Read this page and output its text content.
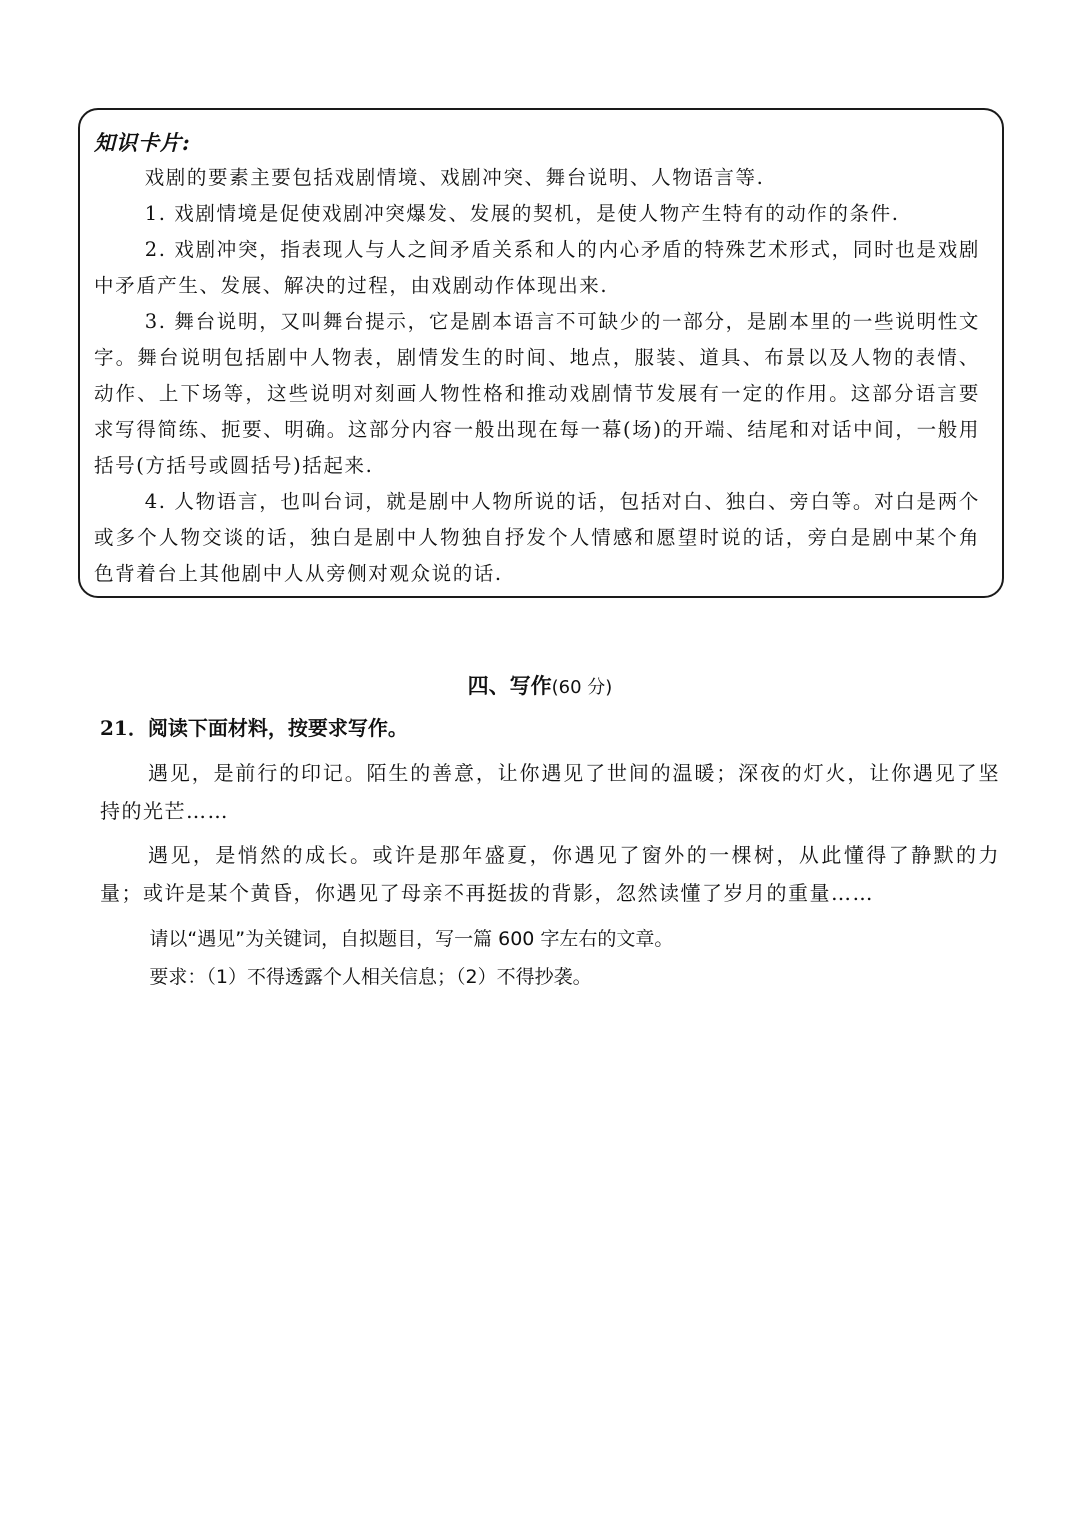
知识卡片:

戏剧的要素主要包括戏剧情境、戏剧冲突、舞台说明、人物语言等.

1. 戏剧情境是促使戏剧冲突爆发、发展的契机，是使人物产生特有的动作的条件.

2. 戏剧冲突，指表现人与人之间矛盾关系和人的内心矛盾的特殊艺术形式，同时也是戏剧中矛盾产生、发展、解决的过程，由戏剧动作体现出来.

3. 舞台说明，又叫舞台提示，它是剧本语言不可缺少的一部分，是剧本里的一些说明性文字。舞台说明包括剧中人物表，剧情发生的时间、地点，服装、道具、布景以及人物的表情、动作、上下场等，这些说明对刻画人物性格和推动戏剧情节发展有一定的作用。这部分语言要求写得简练、扼要、明确。这部分内容一般出现在每一幕(场)的开端、结尾和对话中间，一般用括号(方括号或圆括号)括起来.

4. 人物语言，也叫台词，就是剧中人物所说的话，包括对白、独白、旁白等。对白是两个或多个人物交谈的话，独白是剧中人物独自抒发个人情感和愿望时说的话，旁白是剧中某个角色背着台上其他剧中人从旁侧对观众说的话.

四、写作(60 分)
21．阅读下面材料，按要求写作。

遇见，是前行的印记。陌生的善意，让你遇见了世间的温暖；深夜的灯火，让你遇见了坚持的光芒……

遇见，是悄然的成长。或许是那年盛夏，你遇见了窗外的一棵树，从此懂得了静默的力量；或许是某个黄昏，你遇见了母亲不再挺拔的背影，忽然读懂了岁月的重量……

请以“遇见”为关键词，自拟题目，写一篇 600 字左右的文章。

要求：（1）不得透露个人相关信息；（2）不得抄袭。
